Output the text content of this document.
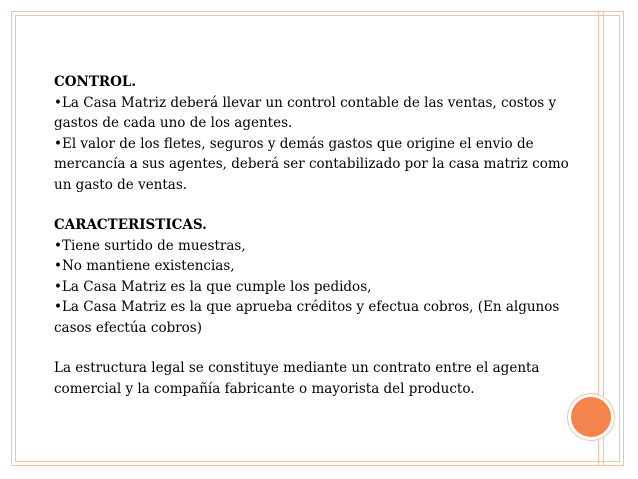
CONTROL.

•La Casa Matriz deberá llevar un control contable de las ventas, costos y gastos de cada uno de los agentes.

•El valor de los fletes, seguros y demás gastos que origine el envio de mercancía a sus agentes, deberá ser contabilizado por la casa matriz como un gasto de ventas.

CARACTERISTICAS.

•Tiene surtido de muestras,

•No mantiene existencias,

•La Casa Matriz es la que cumple los pedidos,

•La Casa Matriz es la que aprueba créditos y efectua cobros, (En algunos casos efectúa cobros)

La estructura legal se constituye mediante un contrato entre el agenta comercial y la compañía fabricante o mayorista del producto.
